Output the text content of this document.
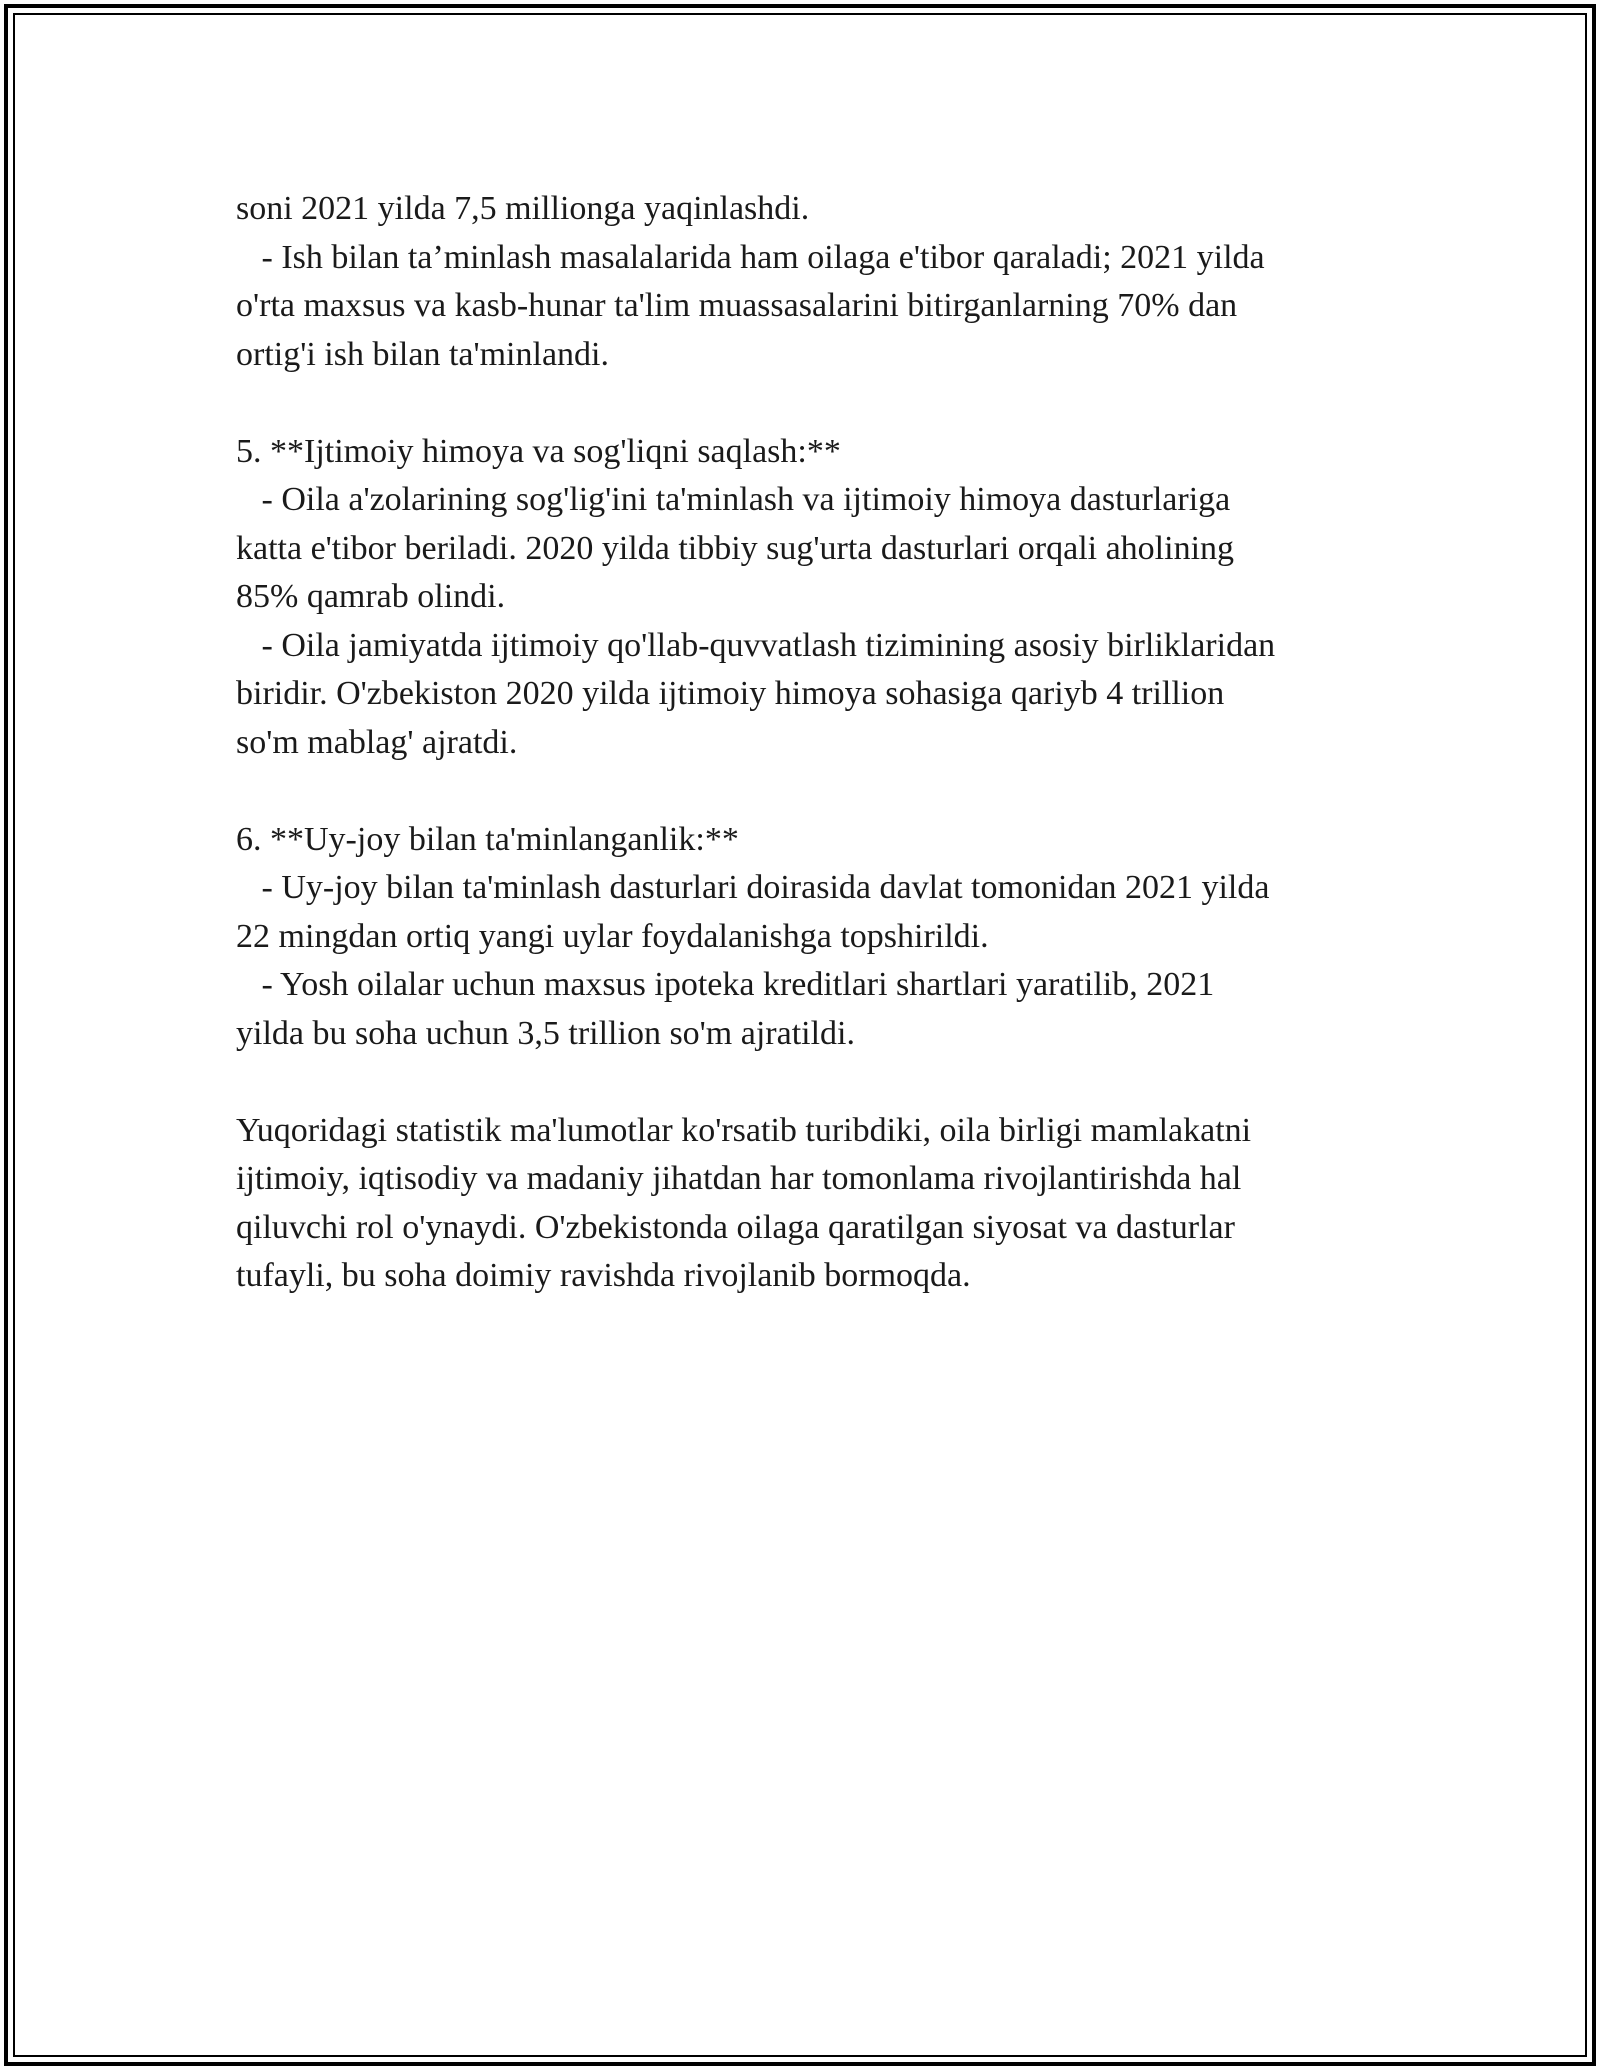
soni 2021 yilda 7,5 millionga yaqinlashdi.
- Ish bilan ta’minlash masalalarida ham oilaga e'tibor qaraladi; 2021 yilda
o'rta maxsus va kasb-hunar ta'lim muassasalarini bitirganlarning 70% dan
ortig'i ish bilan ta'minlandi.
5. **Ijtimoiy himoya va sog'liqni saqlash:**
- Oila a'zolarining sog'lig'ini ta'minlash va ijtimoiy himoya dasturlariga
katta e'tibor beriladi. 2020 yilda tibbiy sug'urta dasturlari orqali aholining
85% qamrab olindi.
- Oila jamiyatda ijtimoiy qo'llab-quvvatlash tizimining asosiy birliklaridan
biridir. O'zbekiston 2020 yilda ijtimoiy himoya sohasiga qariyb 4 trillion
so'm mablag' ajratdi.
6. **Uy-joy bilan ta'minlanganlik:**
- Uy-joy bilan ta'minlash dasturlari doirasida davlat tomonidan 2021 yilda
22 mingdan ortiq yangi uylar foydalanishga topshirildi.
- Yosh oilalar uchun maxsus ipoteka kreditlari shartlari yaratilib, 2021
yilda bu soha uchun 3,5 trillion so'm ajratildi.
Yuqoridagi statistik ma'lumotlar ko'rsatib turibdiki, oila birligi mamlakatni
ijtimoiy, iqtisodiy va madaniy jihatdan har tomonlama rivojlantirishda hal
qiluvchi rol o'ynaydi. O'zbekistonda oilaga qaratilgan siyosat va dasturlar
tufayli, bu soha doimiy ravishda rivojlanib bormoqda.
